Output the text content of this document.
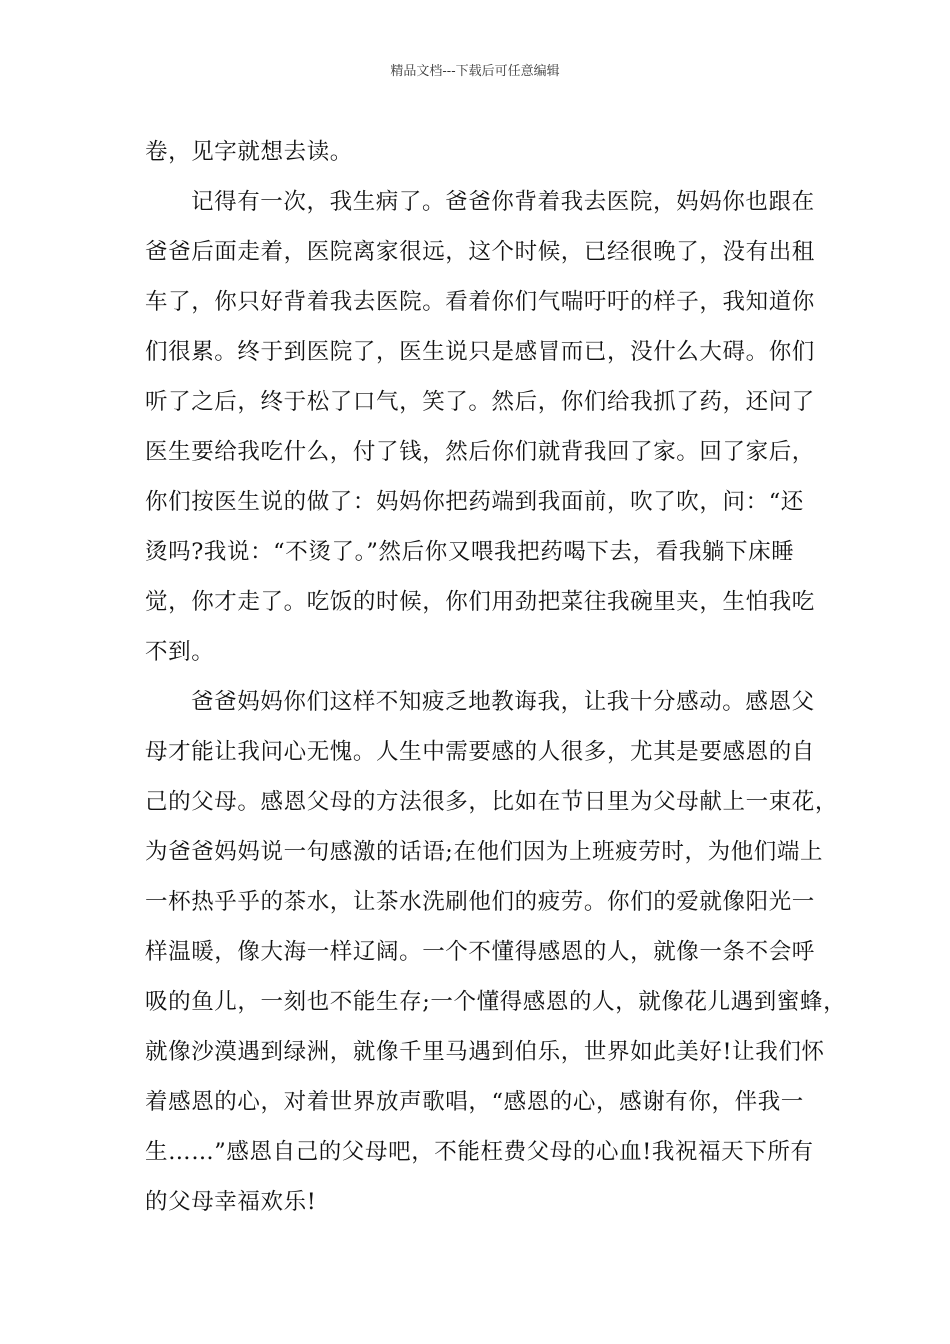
精品文档---下载后可任意编辑
卷，见字就想去读。
记得有一次，我生病了。爸爸你背着我去医院，妈妈你也跟在
爸爸后面走着，医院离家很远，这个时候，已经很晚了，没有出租
车了，你只好背着我去医院。看着你们气喘吁吁的样子，我知道你
们很累。终于到医院了，医生说只是感冒而已，没什么大碍。你们
听了之后，终于松了口气，笑了。然后，你们给我抓了药，还问了
医生要给我吃什么，付了钱，然后你们就背我回了家。回了家后，
你们按医生说的做了：妈妈你把药端到我面前，吹了吹，问：“还
烫吗?我说：“不烫了。”然后你又喂我把药喝下去，看我躺下床睡
觉，你才走了。吃饭的时候，你们用劲把菜往我碗里夹，生怕我吃
不到。
爸爸妈妈你们这样不知疲乏地教诲我，让我十分感动。感恩父
母才能让我问心无愧。人生中需要感的人很多，尤其是要感恩的自
己的父母。感恩父母的方法很多，比如在节日里为父母献上一束花，
为爸爸妈妈说一句感激的话语;在他们因为上班疲劳时，为他们端上
一杯热乎乎的茶水，让茶水洗刷他们的疲劳。你们的爱就像阳光一
样温暖，像大海一样辽阔。一个不懂得感恩的人，就像一条不会呼
吸的鱼儿，一刻也不能生存;一个懂得感恩的人，就像花儿遇到蜜蜂，
就像沙漠遇到绿洲，就像千里马遇到伯乐，世界如此美好!让我们怀
着感恩的心，对着世界放声歌唱，“感恩的心，感谢有你，伴我一
生……”感恩自己的父母吧，不能枉费父母的心血!我祝福天下所有
的父母幸福欢乐!
